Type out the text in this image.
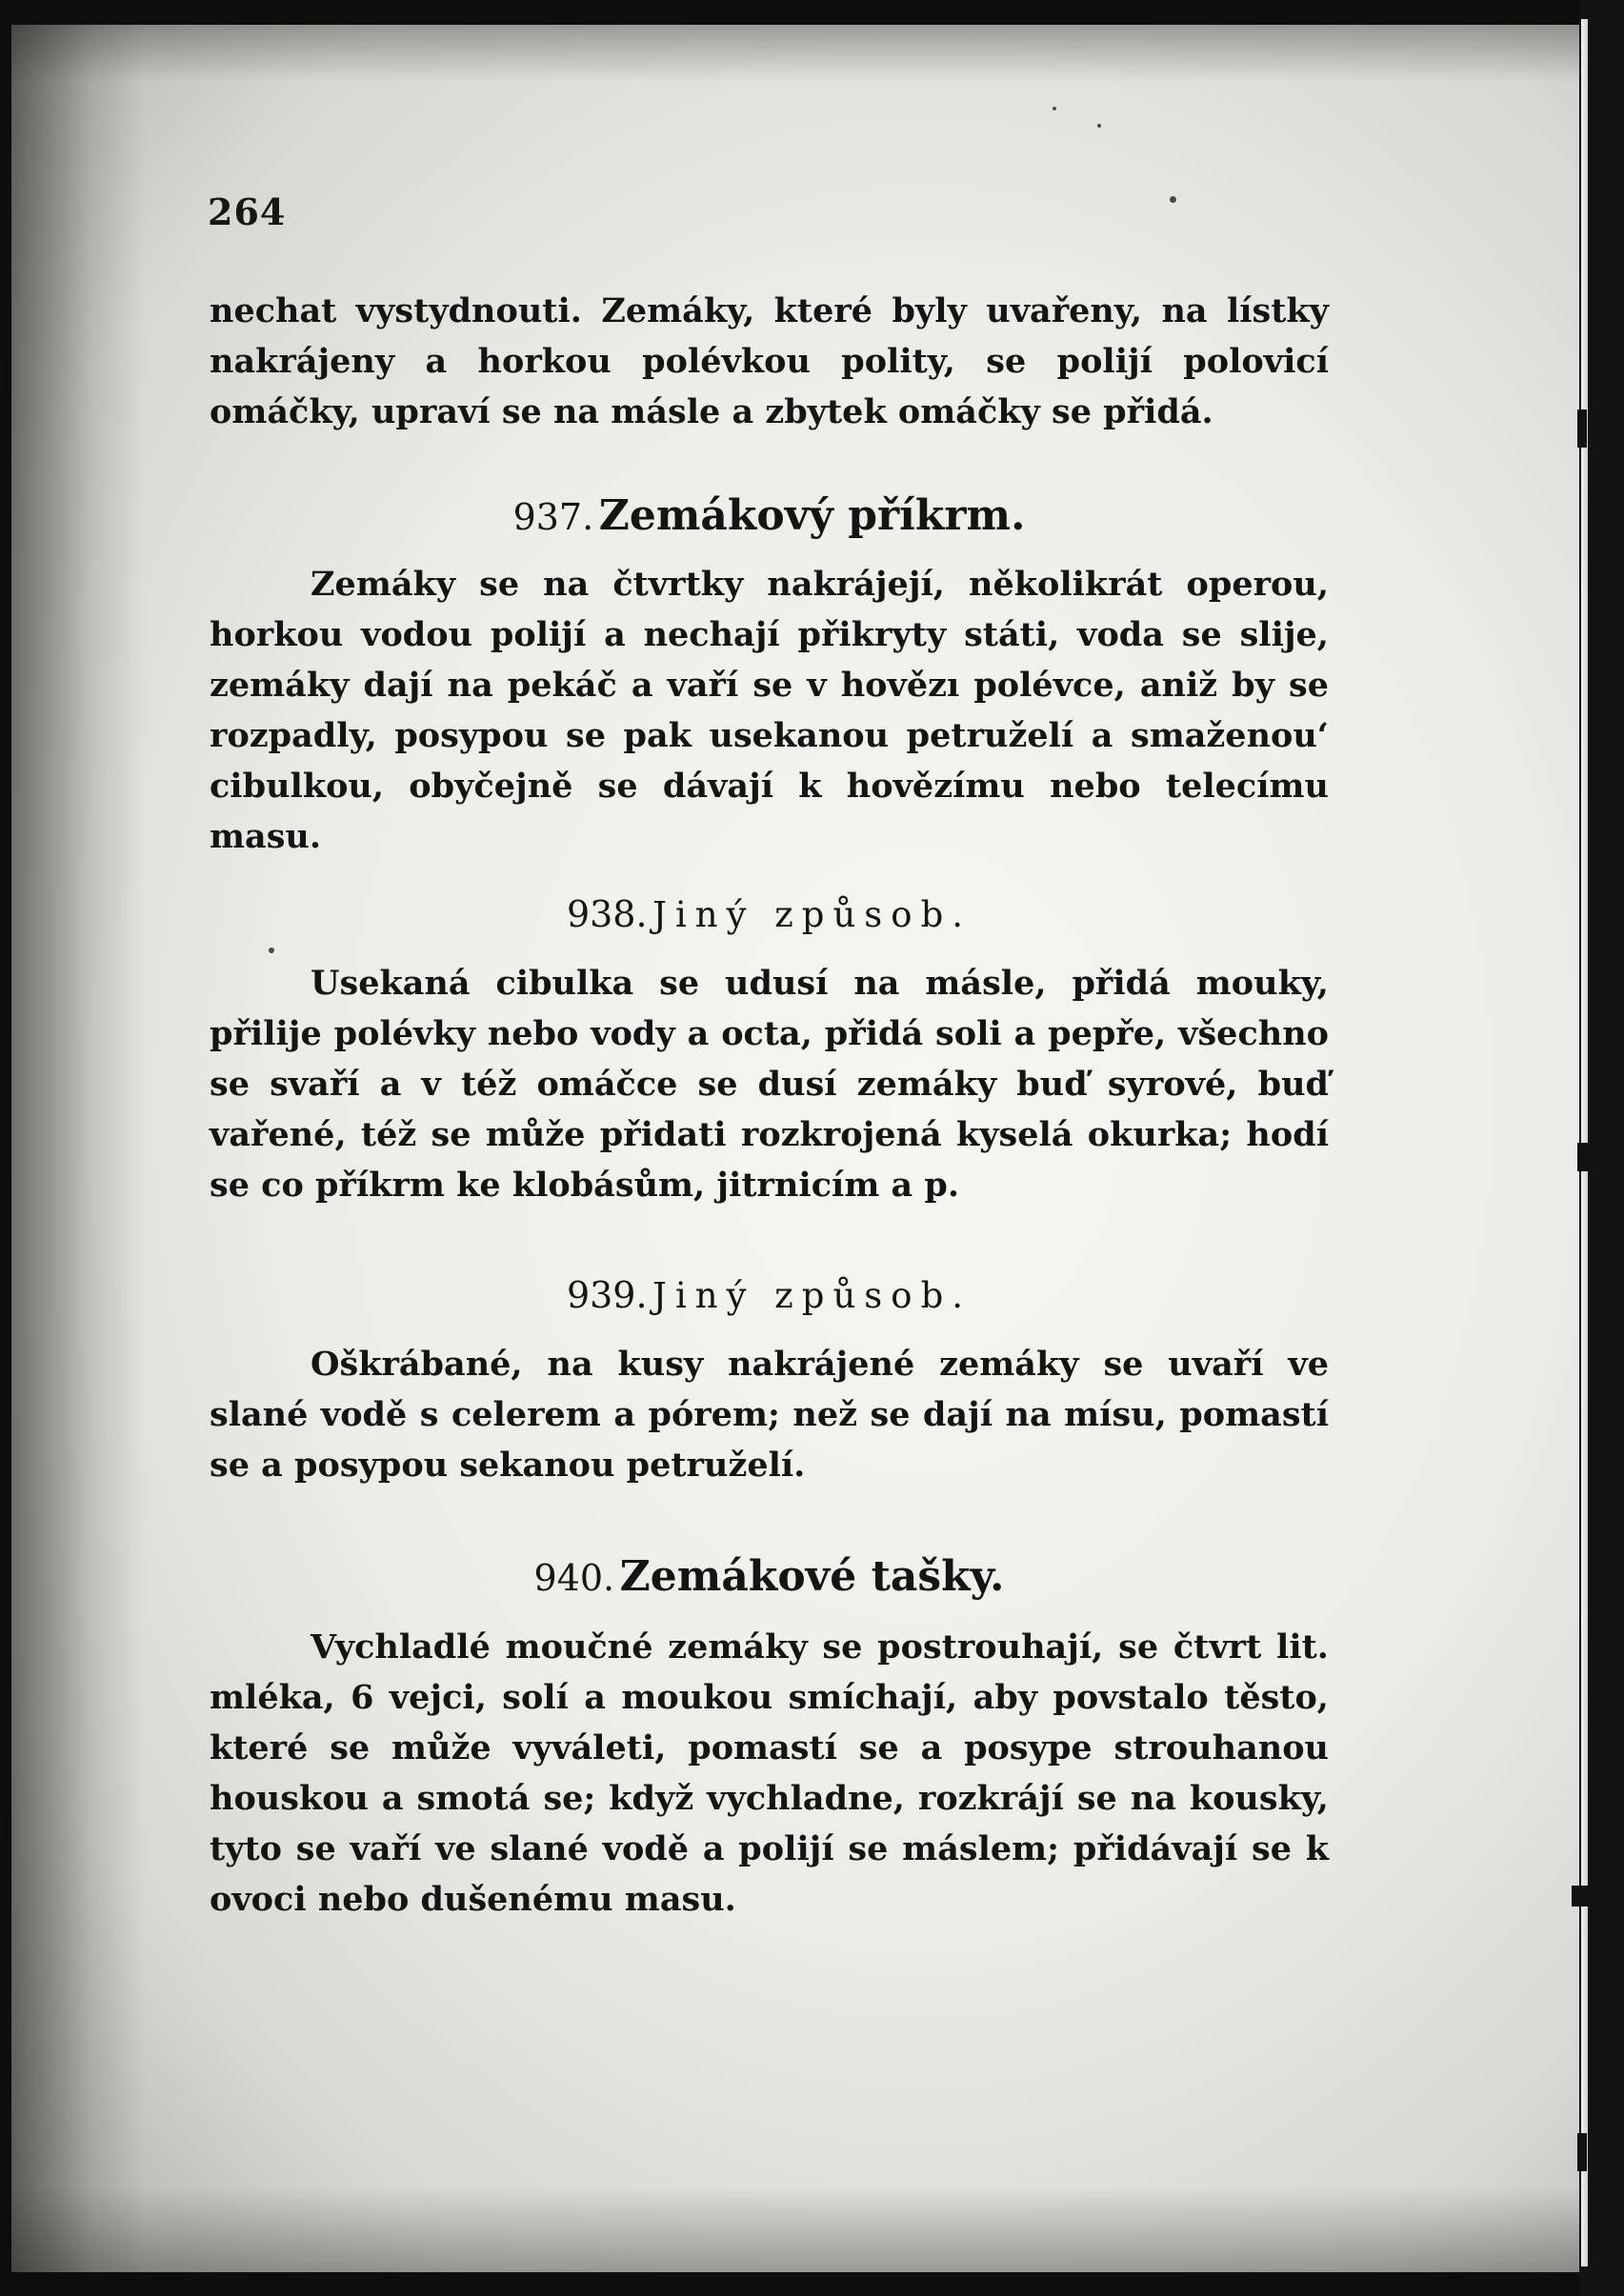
264

nechat vystydnouti. Zemáky, které byly uvařeny, na lístky nakrájeny a horkou polévkou polity, se polijí polovicí omáčky, upraví se na másle a zbytek omáčky se přidá.

937. Zemákový příkrm.

Zemáky se na čtvrtky nakrájejí, několikrát operou, horkou vodou polijí a nechají přikryty státi, voda se slije, zemáky dají na pekáč a vaří se v hovězı polévce, aniž by se rozpadly, posypou se pak usekanou petruželí a smaženou‘ cibulkou, obyčejně se dávají k hovězímu nebo telecímu masu.

938. Jiný způsob.

Usekaná cibulka se udusí na másle, přidá mouky, přilije polévky nebo vody a octa, přidá soli a pepře, všechno se svaří a v též omáčce se dusí zemáky buď syrové, buď vařené, též se může přidati rozkrojená kyselá okurka; hodí se co příkrm ke klobásům, jitrnicím a p.

939. Jiný způsob.

Oškrábané, na kusy nakrájené zemáky se uvaří ve slané vodě s celerem a pórem; než se dají na mísu, pomastí se a posypou sekanou petruželí.

940. Zemákové tašky.

Vychladlé moučné zemáky se postrouhají, se čtvrt lit. mléka, 6 vejci, solí a moukou smíchají, aby povstalo těsto, které se může vyváleti, pomastí se a posype strouhanou houskou a smotá se; když vychladne, rozkrájí se na kousky, tyto se vaří ve slané vodě a polijí se máslem; přidávají se k ovoci nebo dušenému masu.
